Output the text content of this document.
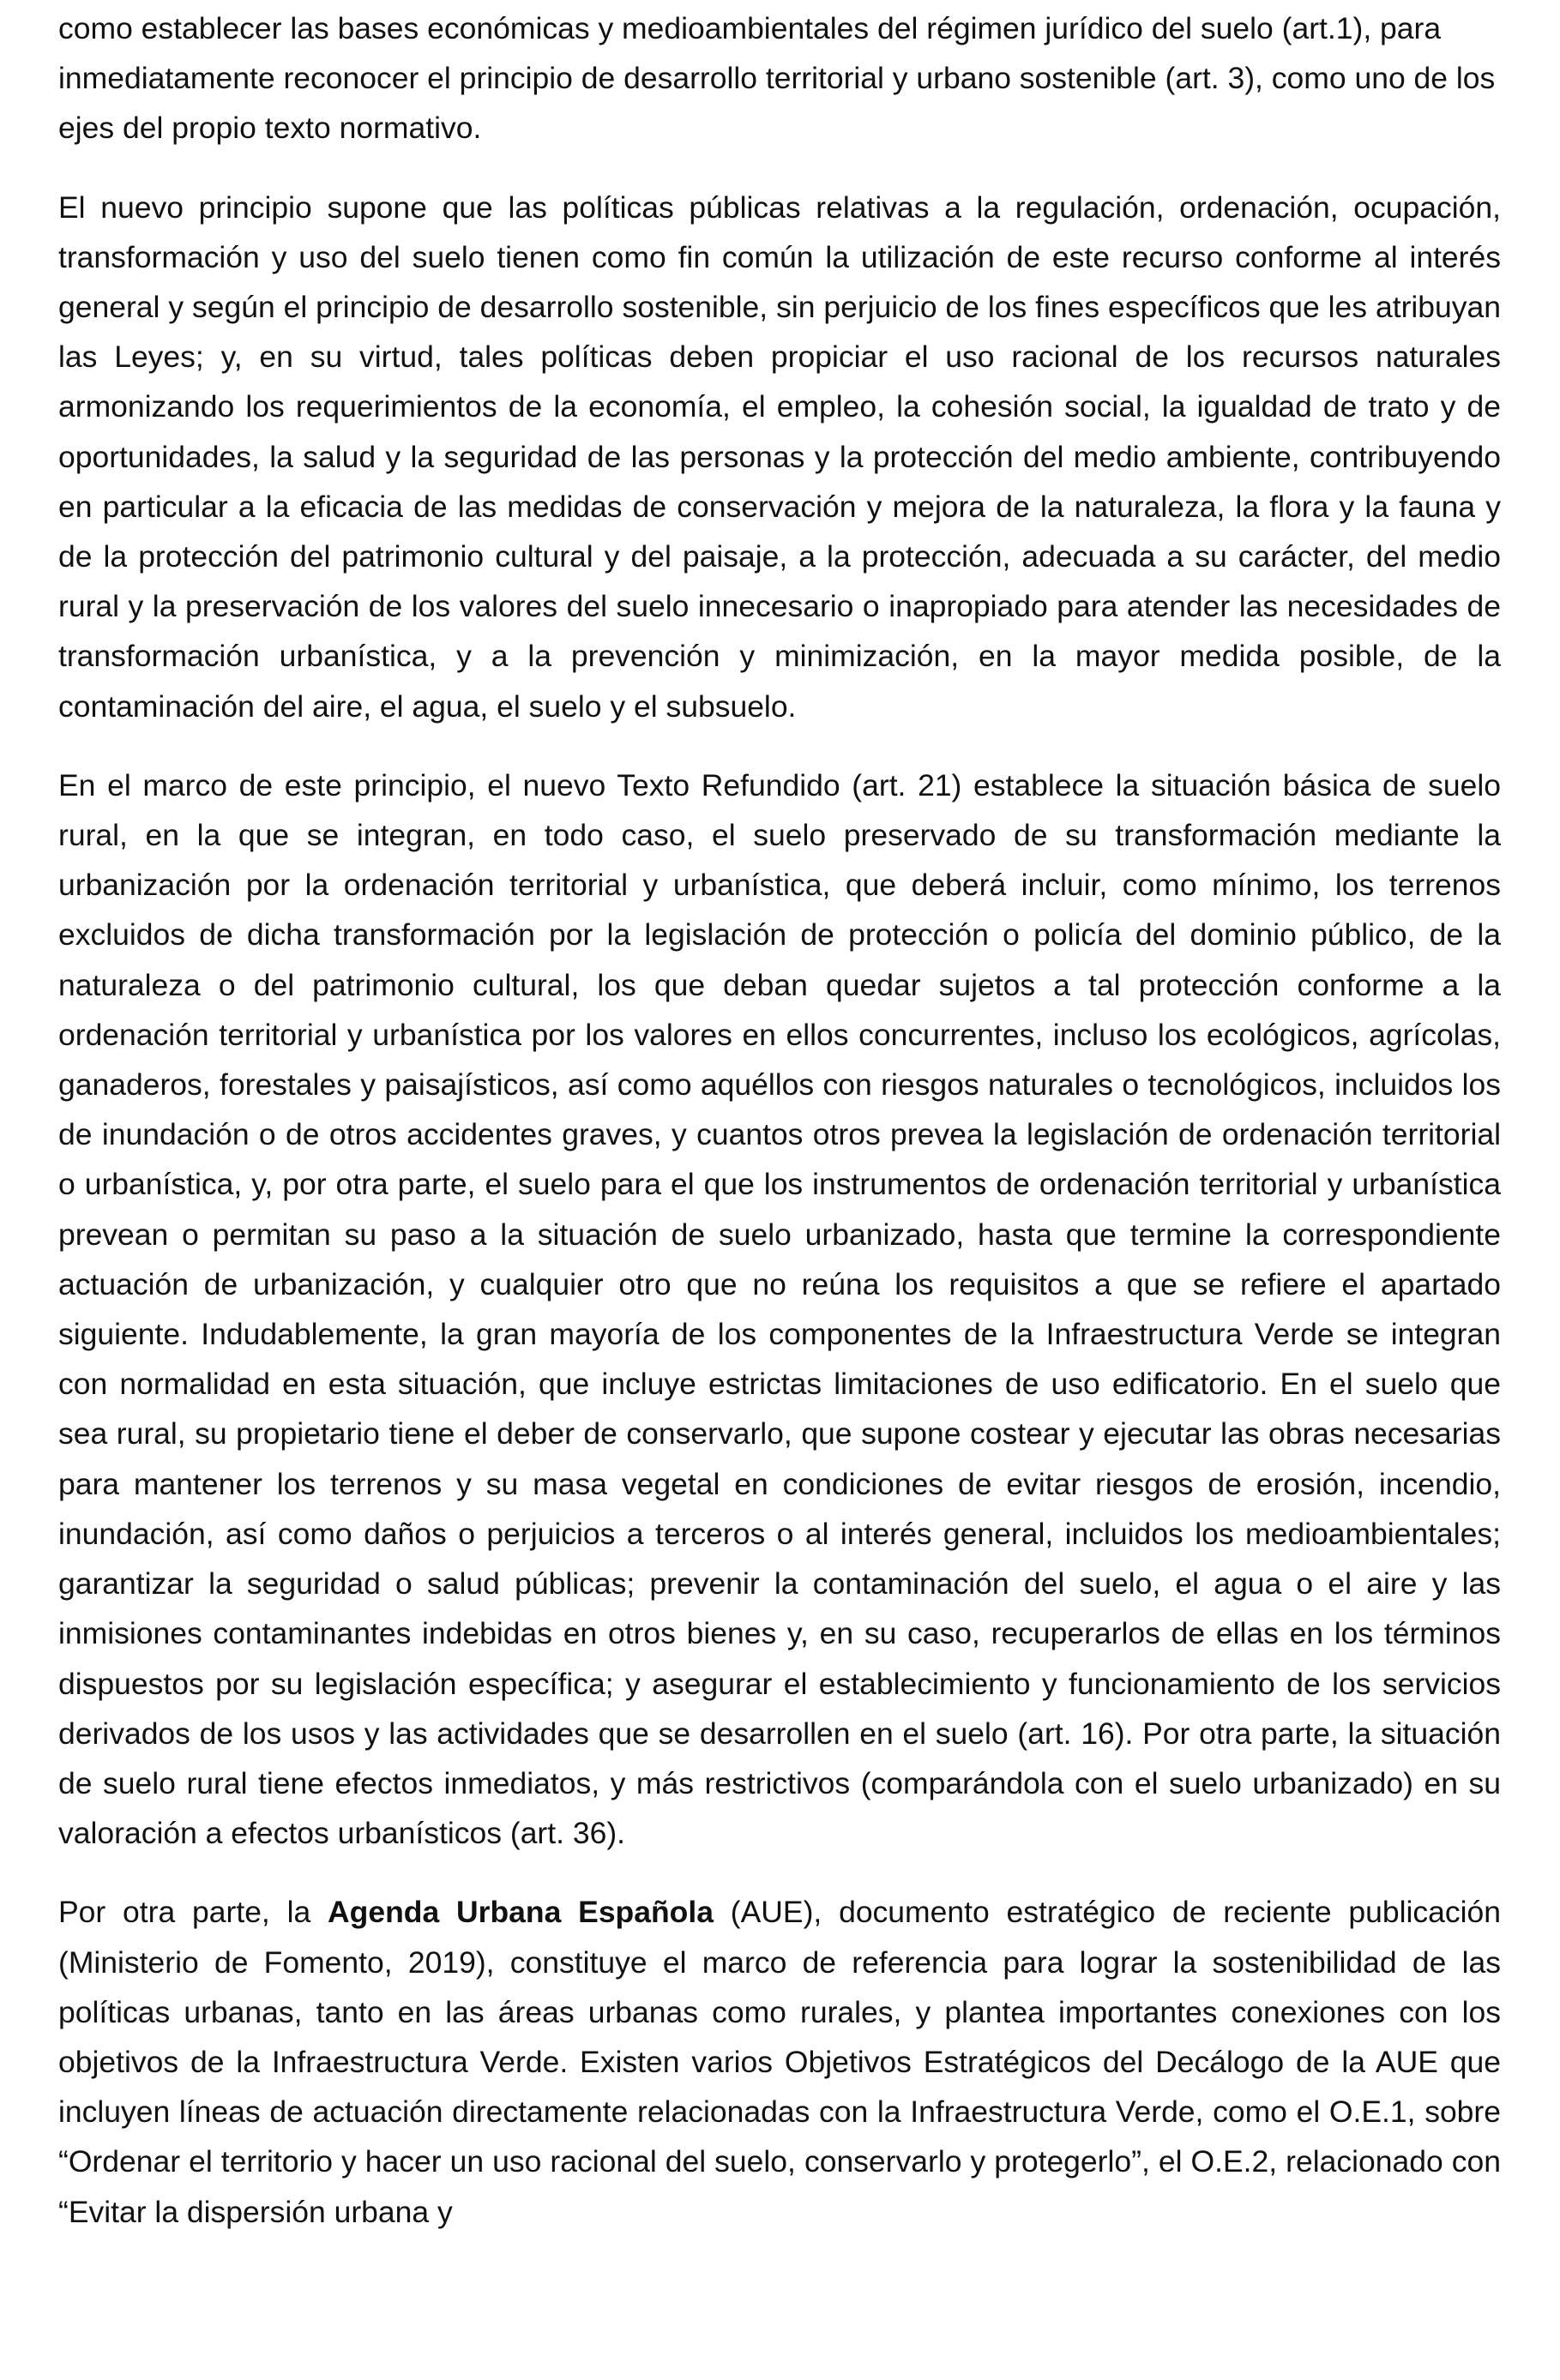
como establecer las bases económicas y medioambientales del régimen jurídico del suelo (art.1), para inmediatamente reconocer el principio de desarrollo territorial y urbano sostenible (art. 3), como uno de los ejes del propio texto normativo.

El nuevo principio supone que las políticas públicas relativas a la regulación, ordenación, ocupación, transformación y uso del suelo tienen como fin común la utilización de este recurso conforme al interés general y según el principio de desarrollo sostenible, sin perjuicio de los fines específicos que les atribuyan las Leyes; y, en su virtud, tales políticas deben propiciar el uso racional de los recursos naturales armonizando los requerimientos de la economía, el empleo, la cohesión social, la igualdad de trato y de oportunidades, la salud y la seguridad de las personas y la protección del medio ambiente, contribuyendo en particular a la eficacia de las medidas de conservación y mejora de la naturaleza, la flora y la fauna y de la protección del patrimonio cultural y del paisaje, a la protección, adecuada a su carácter, del medio rural y la preservación de los valores del suelo innecesario o inapropiado para atender las necesidades de transformación urbanística, y a la prevención y minimización, en la mayor medida posible, de la contaminación del aire, el agua, el suelo y el subsuelo.

En el marco de este principio, el nuevo Texto Refundido (art. 21) establece la situación básica de suelo rural, en la que se integran, en todo caso, el suelo preservado de su transformación mediante la urbanización por la ordenación territorial y urbanística, que deberá incluir, como mínimo, los terrenos excluidos de dicha transformación por la legislación de protección o policía del dominio público, de la naturaleza o del patrimonio cultural, los que deban quedar sujetos a tal protección conforme a la ordenación territorial y urbanística por los valores en ellos concurrentes, incluso los ecológicos, agrícolas, ganaderos, forestales y paisajísticos, así como aquéllos con riesgos naturales o tecnológicos, incluidos los de inundación o de otros accidentes graves, y cuantos otros prevea la legislación de ordenación territorial o urbanística, y, por otra parte, el suelo para el que los instrumentos de ordenación territorial y urbanística prevean o permitan su paso a la situación de suelo urbanizado, hasta que termine la correspondiente actuación de urbanización, y cualquier otro que no reúna los requisitos a que se refiere el apartado siguiente. Indudablemente, la gran mayoría de los componentes de la Infraestructura Verde se integran con normalidad en esta situación, que incluye estrictas limitaciones de uso edificatorio. En el suelo que sea rural, su propietario tiene el deber de conservarlo, que supone costear y ejecutar las obras necesarias para mantener los terrenos y su masa vegetal en condiciones de evitar riesgos de erosión, incendio, inundación, así como daños o perjuicios a terceros o al interés general, incluidos los medioambientales; garantizar la seguridad o salud públicas; prevenir la contaminación del suelo, el agua o el aire y las inmisiones contaminantes indebidas en otros bienes y, en su caso, recuperarlos de ellas en los términos dispuestos por su legislación específica; y asegurar el establecimiento y funcionamiento de los servicios derivados de los usos y las actividades que se desarrollen en el suelo (art. 16). Por otra parte, la situación de suelo rural tiene efectos inmediatos, y más restrictivos (comparándola con el suelo urbanizado) en su valoración a efectos urbanísticos (art. 36).

Por otra parte, la Agenda Urbana Española (AUE), documento estratégico de reciente publicación (Ministerio de Fomento, 2019), constituye el marco de referencia para lograr la sostenibilidad de las políticas urbanas, tanto en las áreas urbanas como rurales, y plantea importantes conexiones con los objetivos de la Infraestructura Verde. Existen varios Objetivos Estratégicos del Decálogo de la AUE que incluyen líneas de actuación directamente relacionadas con la Infraestructura Verde, como el O.E.1, sobre “Ordenar el territorio y hacer un uso racional del suelo, conservarlo y protegerlo”, el O.E.2, relacionado con “Evitar la dispersión urbana y
